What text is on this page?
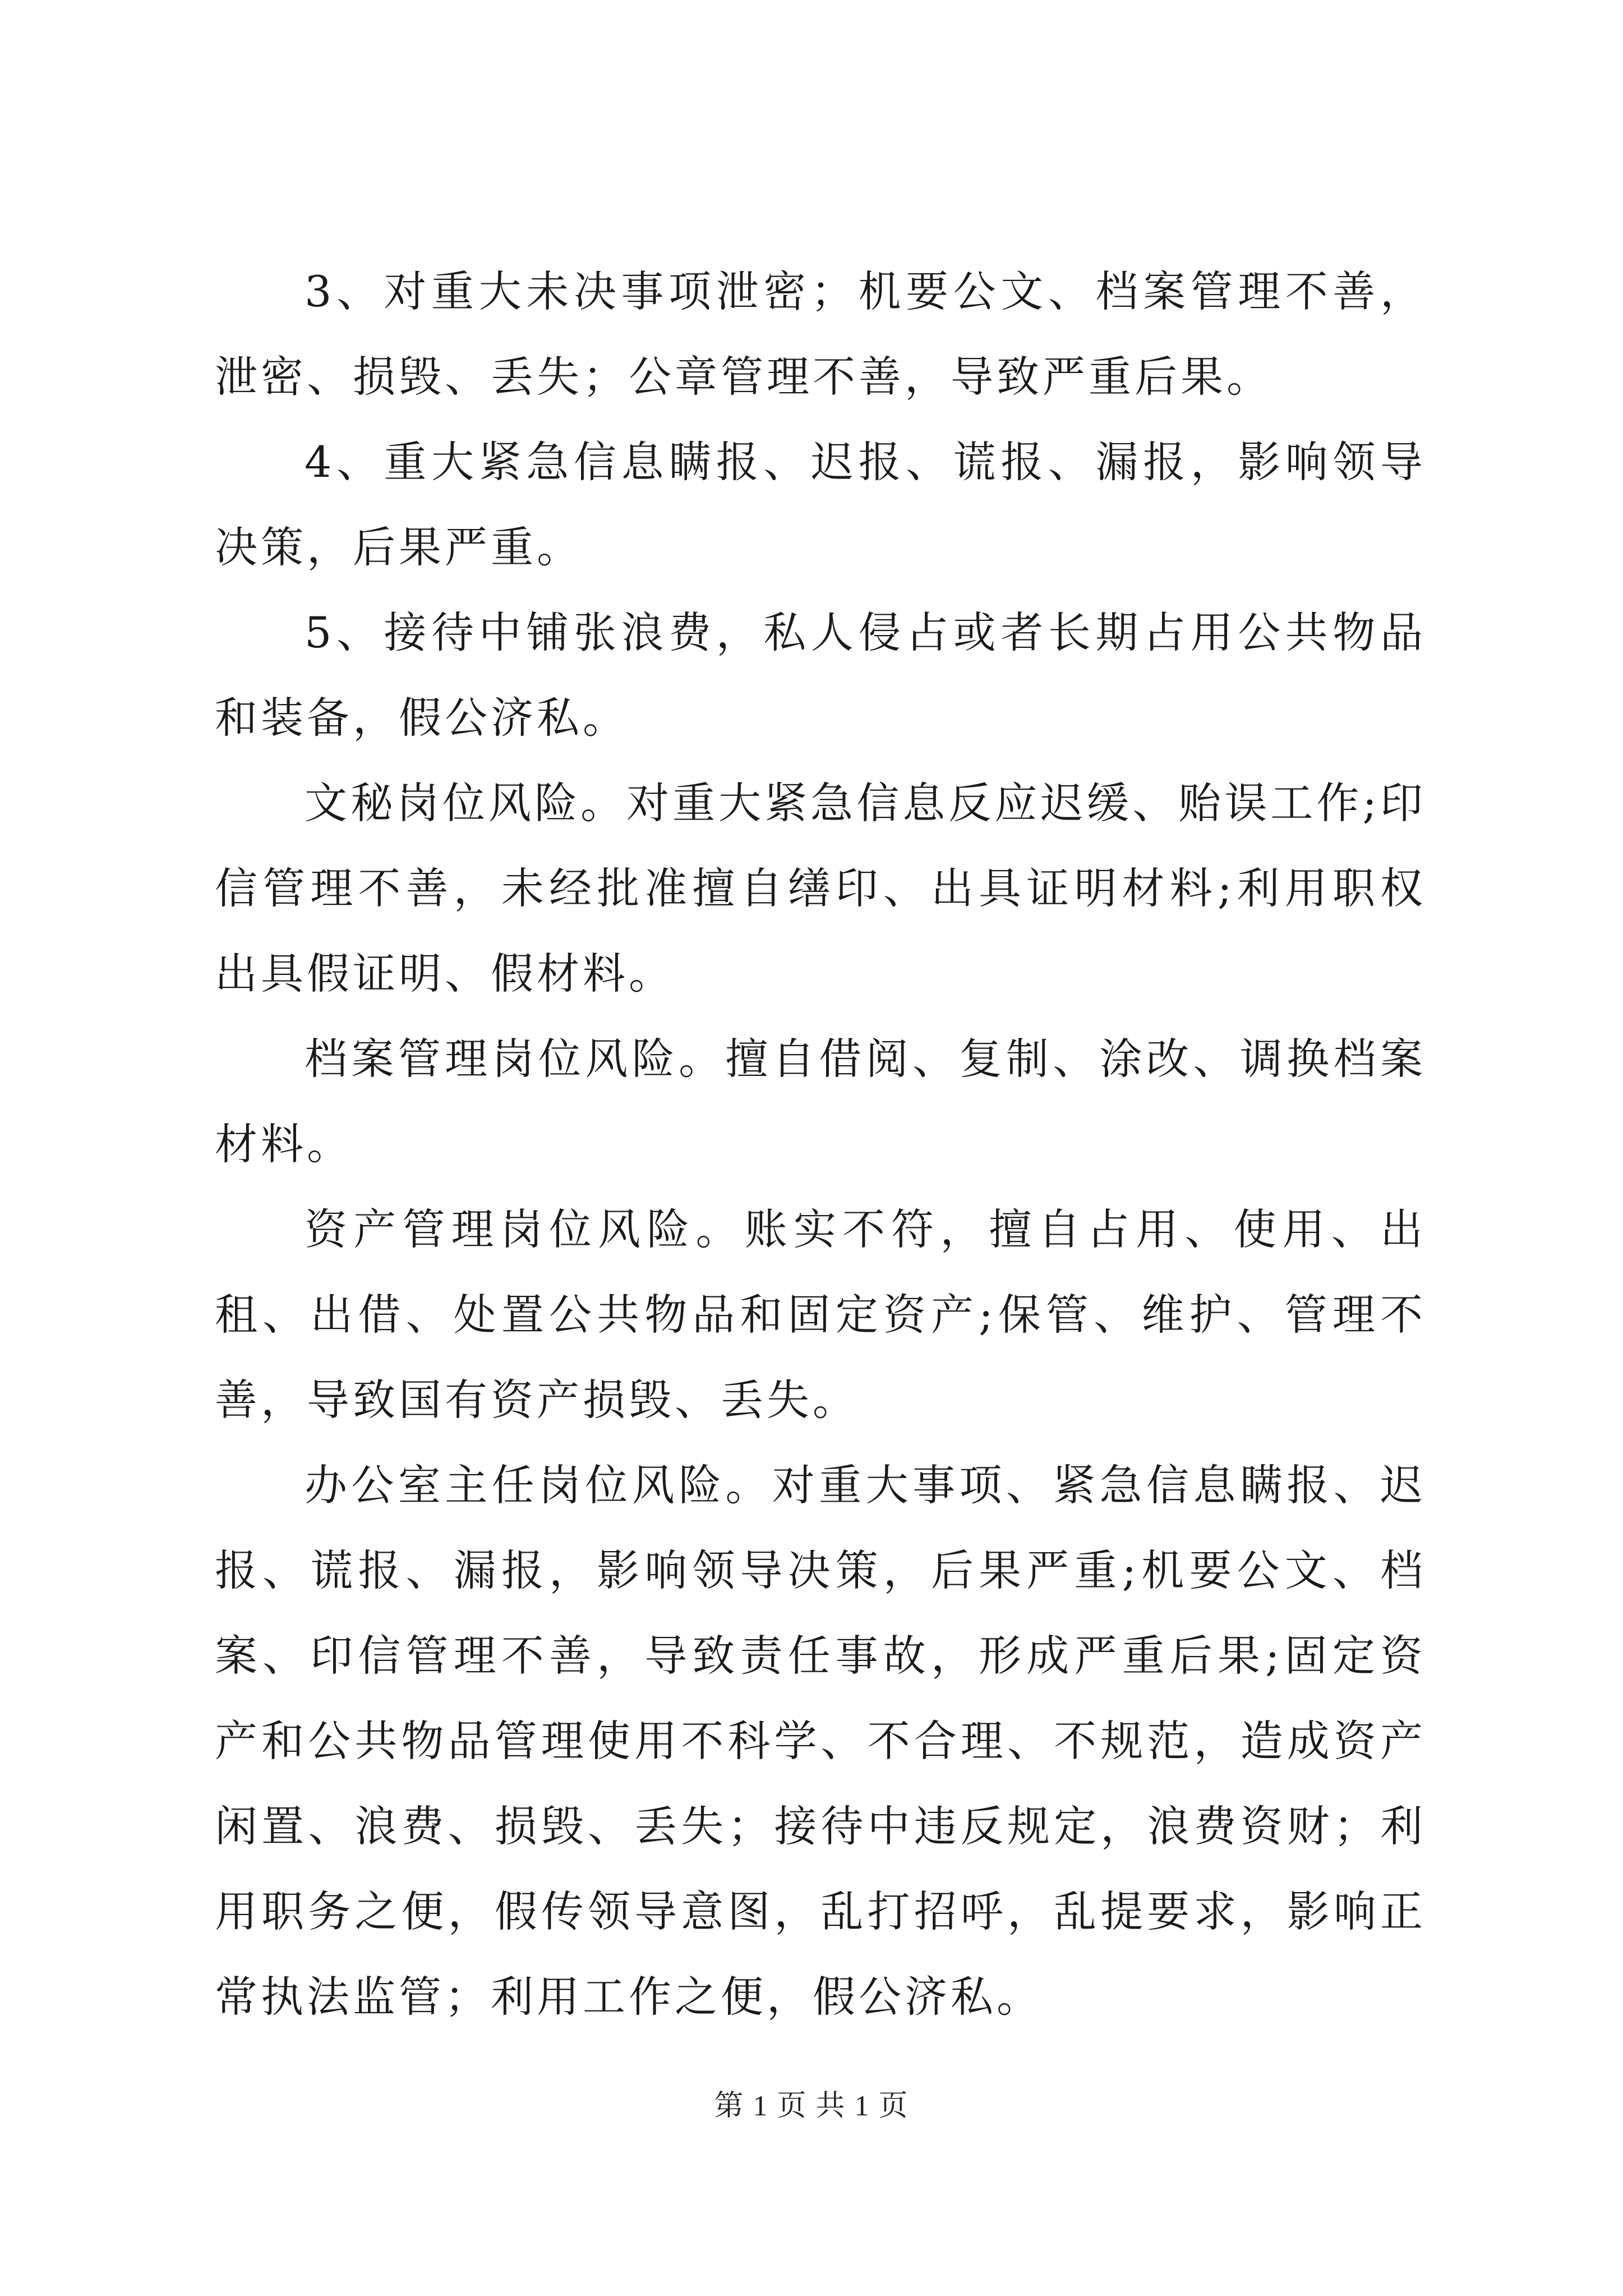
3、对重大未决事项泄密；机要公文、档案管理不善，泄密、损毁、丢失；公章管理不善，导致严重后果。

4、重大紧急信息瞒报、迟报、谎报、漏报，影响领导决策，后果严重。

5、接待中铺张浪费，私人侵占或者长期占用公共物品和装备，假公济私。

文秘岗位风险。对重大紧急信息反应迟缓、贻误工作;印信管理不善，未经批准擅自缮印、出具证明材料;利用职权出具假证明、假材料。

档案管理岗位风险。擅自借阅、复制、涂改、调换档案材料。

资产管理岗位风险。账实不符，擅自占用、使用、出租、出借、处置公共物品和固定资产;保管、维护、管理不善，导致国有资产损毁、丢失。

办公室主任岗位风险。对重大事项、紧急信息瞒报、迟报、谎报、漏报，影响领导决策，后果严重;机要公文、档案、印信管理不善，导致责任事故，形成严重后果;固定资产和公共物品管理使用不科学、不合理、不规范，造成资产闲置、浪费、损毁、丢失；接待中违反规定，浪费资财；利用职务之便，假传领导意图，乱打招呼，乱提要求，影响正常执法监管；利用工作之便，假公济私。

第 1 页 共 1 页
